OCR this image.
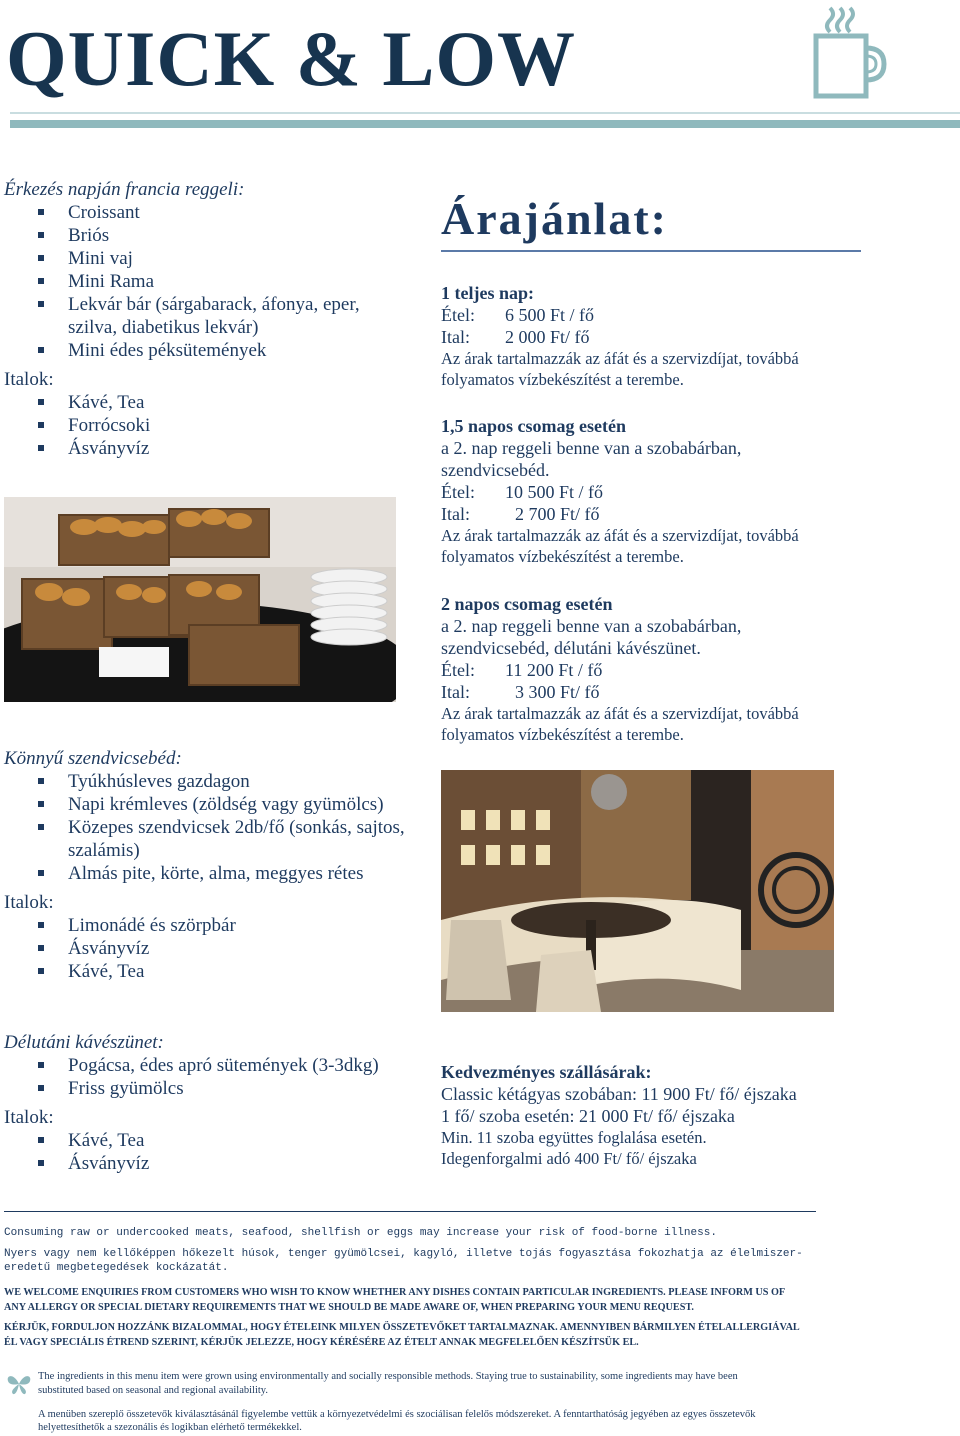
QUICK & LOW
Érkezés napján francia reggeli:
Croissant
Briós
Mini vaj
Mini Rama
Lekvár bár (sárgabarack, áfonya, eper,
szilva, diabetikus lekvár)
Mini édes péksütemények
Italok:
Kávé, Tea
Forrócsoki
Ásványvíz
Könnyű szendvicsebéd:
Tyúkhúsleves gazdagon
Napi krémleves (zöldség vagy gyümölcs)
Közepes szendvicsek 2db/fő (sonkás, sajtos,
szalámis)
Almás pite, körte, alma, meggyes rétes
Italok:
Limonádé és szörpbár
Ásványvíz
Kávé, Tea
Délutáni kávészünet:
Pogácsa, édes apró sütemények (3-3dkg)
Friss gyümölcs
Italok:
Kávé, Tea
Ásványvíz
Árajánlat:
1 teljes nap:
Étel: 6 500 Ft / fő
Ital: 2 000 Ft/ fő
Az árak tartalmazzák az áfát és a szervizdíjat, továbbá
folyamatos vízbekészítést a terembe.
1,5 napos csomag esetén
a 2. nap reggeli benne van a szobabárban,
szendvicsebéd.
Étel: 10 500 Ft / fő
Ital:	2 700 Ft/ fő
Az árak tartalmazzák az áfát és a szervizdíjat, továbbá
folyamatos vízbekészítést a terembe.
2 napos csomag esetén
a 2. nap reggeli benne van a szobabárban,
szendvicsebéd, délutáni kávészünet.
Étel: 11 200 Ft / fő
Ital:	3 300 Ft/ fő
Az árak tartalmazzák az áfát és a szervizdíjat, továbbá
folyamatos vízbekészítést a terembe.
Kedvezményes szállásárak:
Classic kétágyas szobában: 11 900 Ft/ fő/ éjszaka
1 fő/ szoba esetén: 21 000 Ft/ fő/ éjszaka
Min. 11 szoba együttes foglalása esetén.
Idegenforgalmi adó 400 Ft/ fő/ éjszaka
Consuming raw or undercooked meats, seafood, shellfish or eggs may increase your risk of food-borne illness.
Nyers vagy nem kellőképpen hőkezelt húsok, tenger gyümölcsei, kagyló, illetve tojás fogyasztása fokozhatja az élelmiszer-
eredetű megbetegedések kockázatát.
WE WELCOME ENQUIRIES FROM CUSTOMERS WHO WISH TO KNOW WHETHER ANY DISHES CONTAIN PARTICULAR INGREDIENTS. PLEASE INFORM US OF
ANY ALLERGY OR SPECIAL DIETARY REQUIREMENTS THAT WE SHOULD BE MADE AWARE OF, WHEN PREPARING YOUR MENU REQUEST.
KÉRJÜK, FORDULJON HOZZÁNK BIZALOMMAL, HOGY ÉTELEINK MILYEN ÖSSZETEVŐKET TARTALMAZNAK. AMENNYIBEN BÁRMILYEN ÉTELALLERGIÁVAL
ÉL VAGY SPECIÁLIS ÉTREND SZERINT, KÉRJÜK JELEZZE, HOGY KÉRÉSÉRE AZ ÉTELT ANNAK MEGFELELŐEN KÉSZÍTSÜK EL.
The ingredients in this menu item were grown using environmentally and socially responsible methods. Staying true to sustainability, some ingredients may have been
substituted based on seasonal and regional availability.
A menüben szereplő összetevők kiválasztásánál figyelembe vettük a környezetvédelmi és szociálisan felelős módszereket. A fenntarthatóság jegyében az egyes összetevők
helyettesíthetők a szezonális és logikban elérhető termékekkel.
